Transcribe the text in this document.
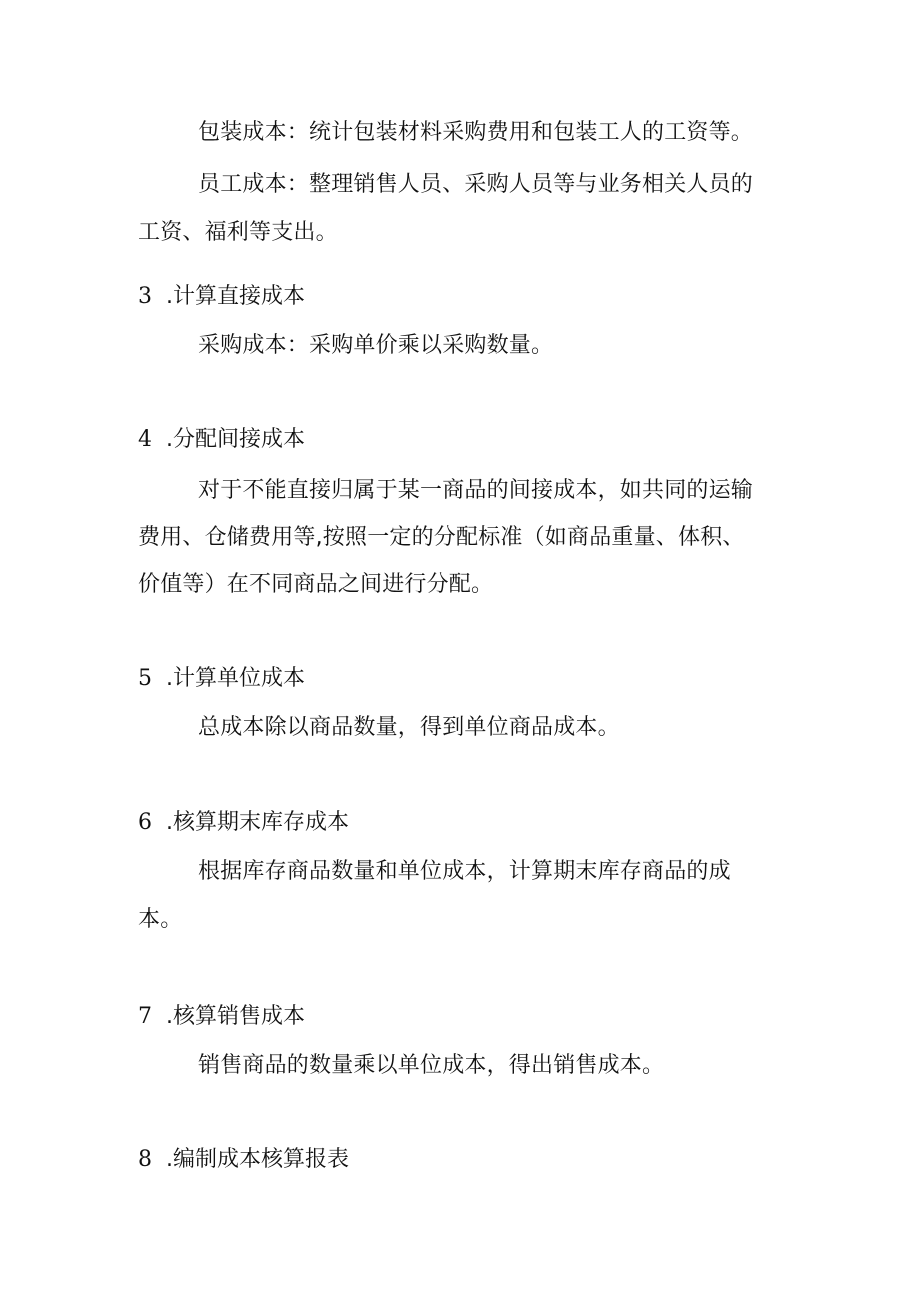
包装成本：统计包装材料采购费用和包装工人的工资等。
员工成本：整理销售人员、采购人员等与业务相关人员的
工资、福利等支出。
3 .计算直接成本
采购成本：采购单价乘以采购数量。
4 .分配间接成本
对于不能直接归属于某一商品的间接成本，如共同的运输
费用、仓储费用等,按照一定的分配标准（如商品重量、体积、
价值等）在不同商品之间进行分配。
5 .计算单位成本
总成本除以商品数量，得到单位商品成本。
6 .核算期末库存成本
根据库存商品数量和单位成本，计算期末库存商品的成
本。
7 .核算销售成本
销售商品的数量乘以单位成本，得出销售成本。
8 .编制成本核算报表
